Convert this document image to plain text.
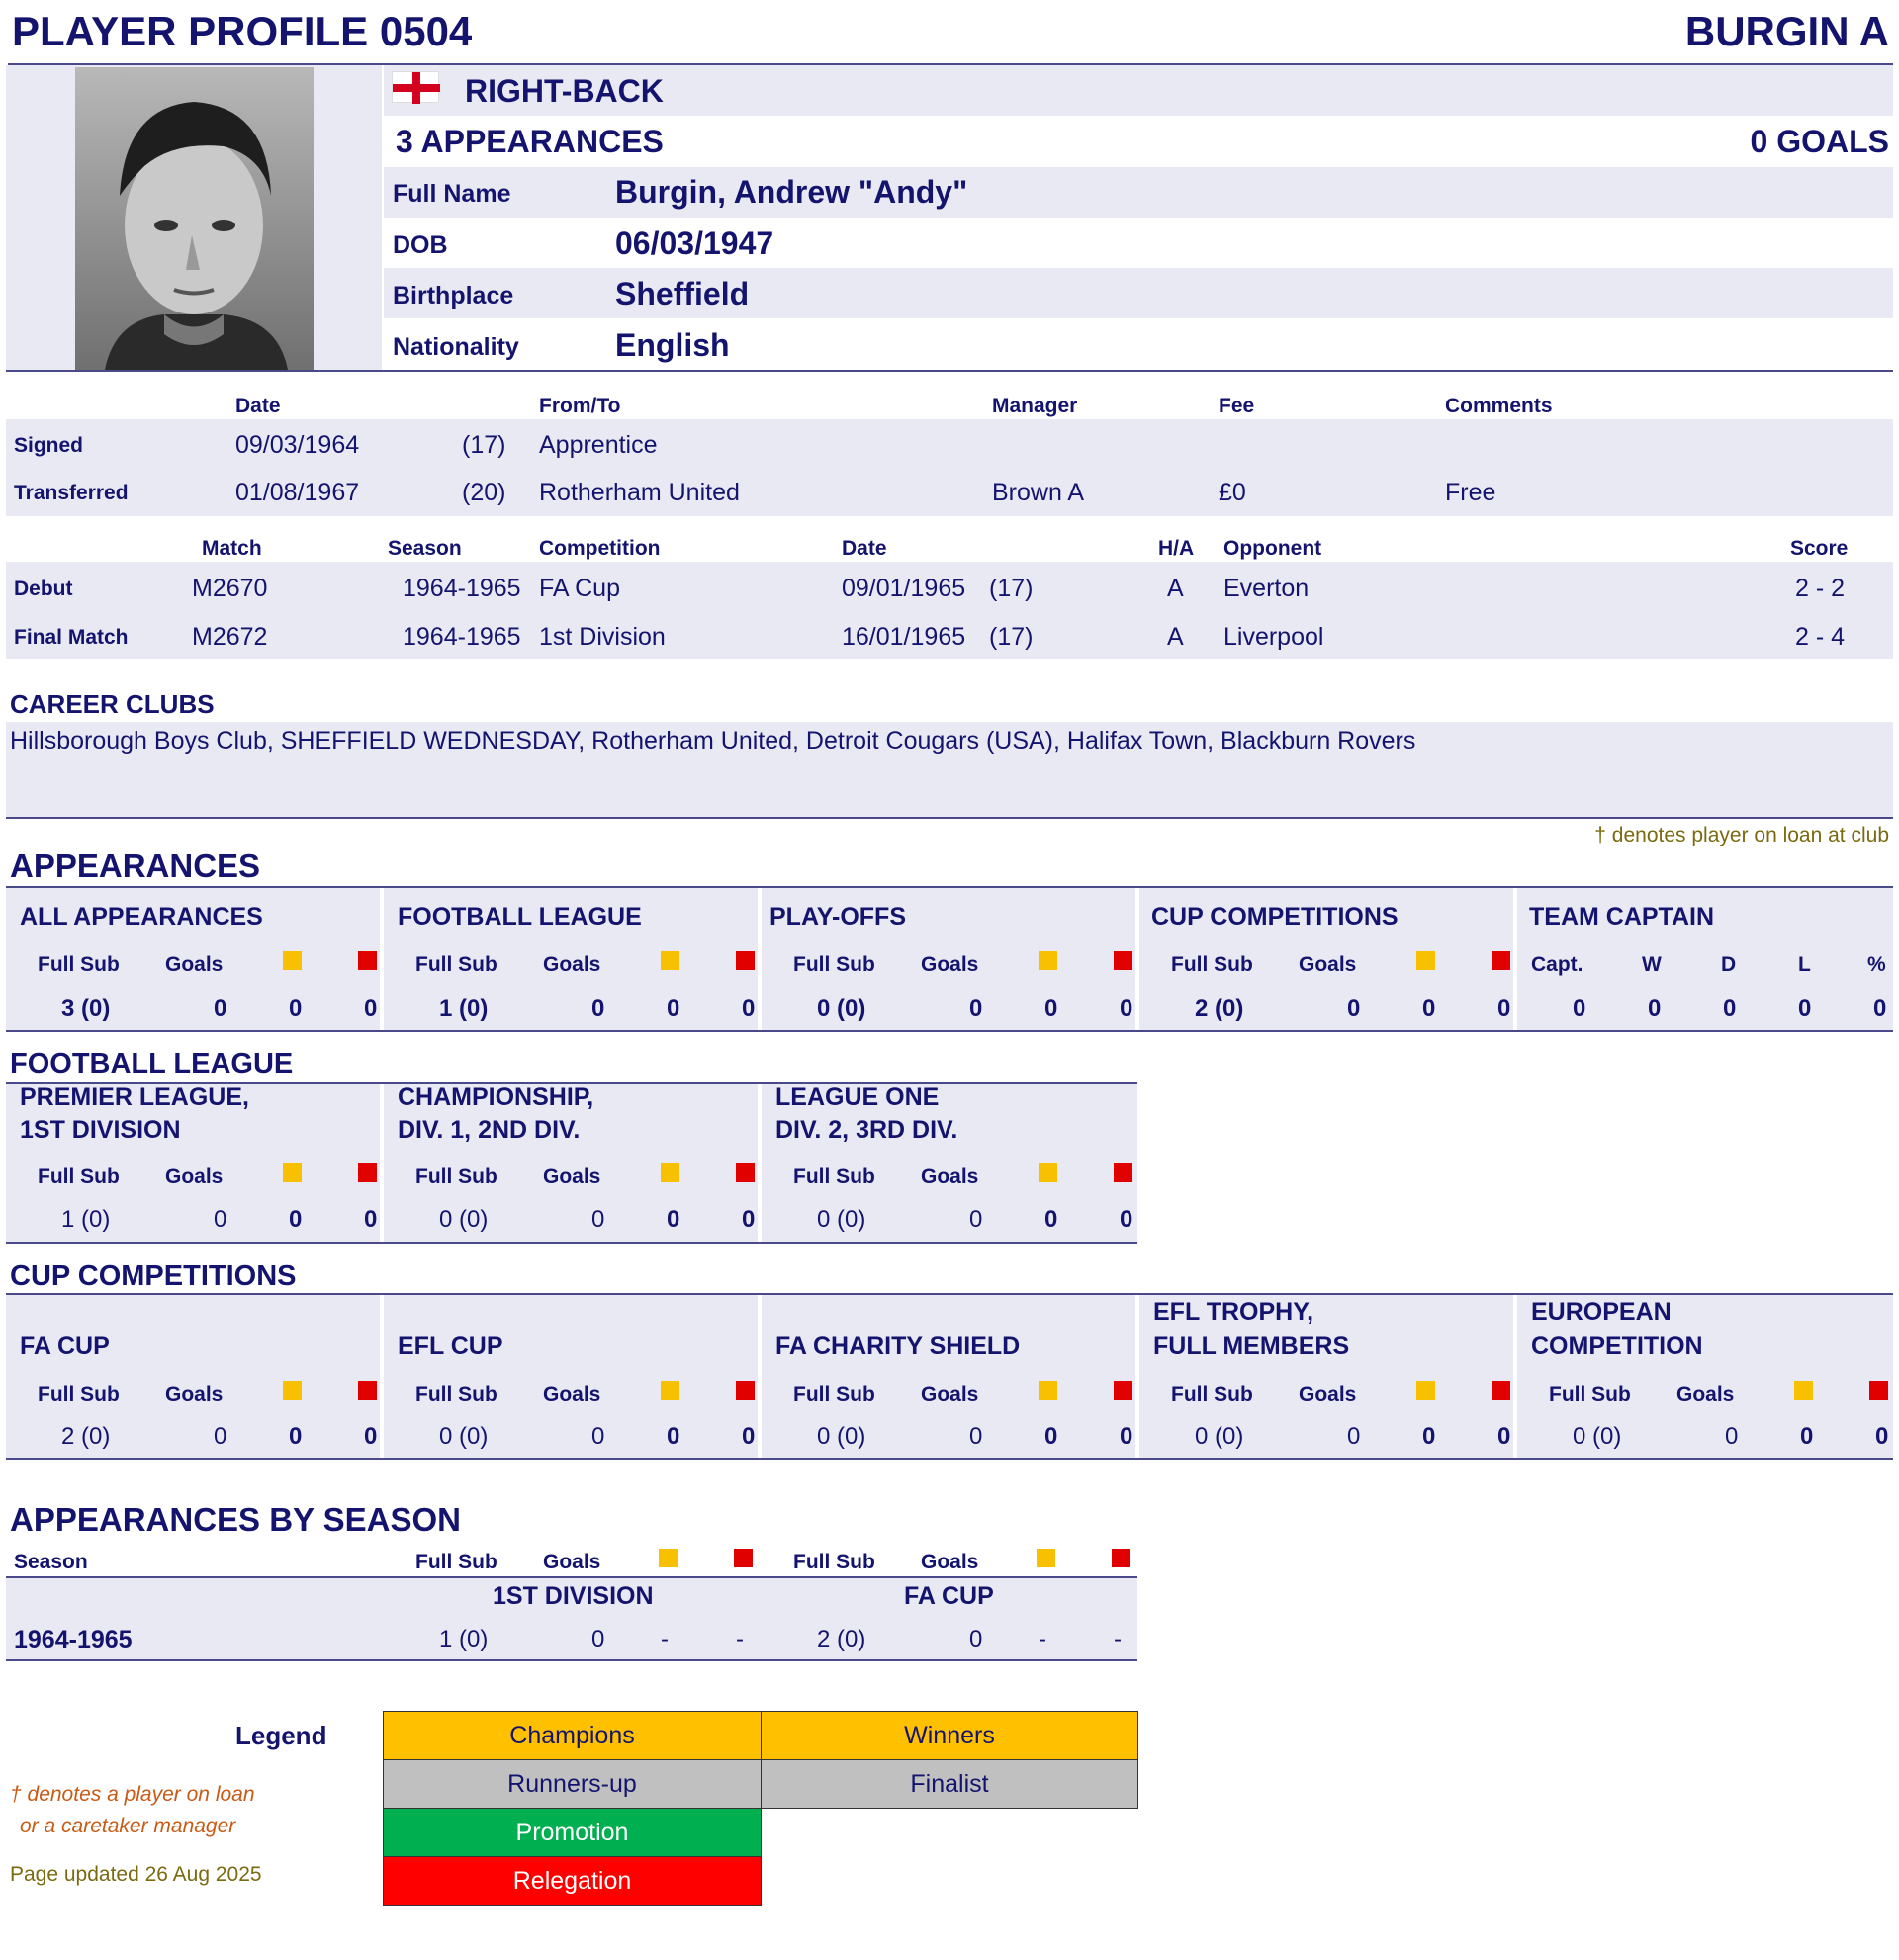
PLAYER PROFILE 0504	BURGIN A
RIGHT-BACK
3 APPEARANCES	0 GOALS
Full Name	Burgin, Andrew "Andy"
DOB	06/03/1947
Birthplace	Sheffield
Nationality	English
Date	From/To	Manager	Fee	Comments
Signed	09/03/1964	(17) Apprentice
Transferred	01/08/1967	(20) Rotherham United	Brown A	£0	Free
Match	Season	Competition	Date	H/A Opponent	Score
Debut	M2670	1964-1965 FA Cup	09/01/1965 (17)	A Everton	2 - 2
Final Match	M2672	1964-1965 1st Division	16/01/1965 (17)	A Liverpool	2 - 4
CAREER CLUBS
Hillsborough Boys Club, SHEFFIELD WEDNESDAY, Rotherham United, Detroit Cougars (USA), Halifax Town, Blackburn Rovers
† denotes player on loan at club
APPEARANCES
ALL APPEARANCES
Full Sub Goals
3 (0)	0	0	0
FOOTBALL LEAGUE
Full Sub Goals
1 (0)	0	0	0
PLAY-OFFS
Full Sub Goals
0 (0)	0	0	0
CUP COMPETITIONS
Full Sub Goals
2 (0)	0	0	0
TEAM CAPTAIN
Capt.	W	D	L	%
0	0	0	0	0
FOOTBALL LEAGUE
PREMIER LEAGUE,
1ST DIVISION
Full Sub Goals
1 (0)	0	0	0
CHAMPIONSHIP,
DIV. 1, 2ND DIV.
Full Sub Goals
0 (0)	0	0	0
LEAGUE ONE
DIV. 2, 3RD DIV.
Full Sub Goals
0 (0)	0	0	0
CUP COMPETITIONS
FA CUP
Full Sub Goals
2 (0)	0	0	0
EFL CUP
Full Sub Goals
0 (0)	0	0	0
FA CHARITY SHIELD
Full Sub Goals
0 (0)	0	0	0
EFL TROPHY,
FULL MEMBERS
Full Sub Goals
0 (0)	0	0	0
EUROPEAN
COMPETITION
Full Sub Goals
0 (0)	0	0	0
APPEARANCES BY SEASON
Season	Full Sub Goals	Full Sub Goals
1ST DIVISION	FA CUP
1964-1965	1 (0)	0 -	-	2 (0)	0 -	-
Legend	Champions	Winners
Runners-up	Finalist
Promotion
Relegation
† denotes a player on loan
or a caretaker manager
Page updated 26 Aug 2025
